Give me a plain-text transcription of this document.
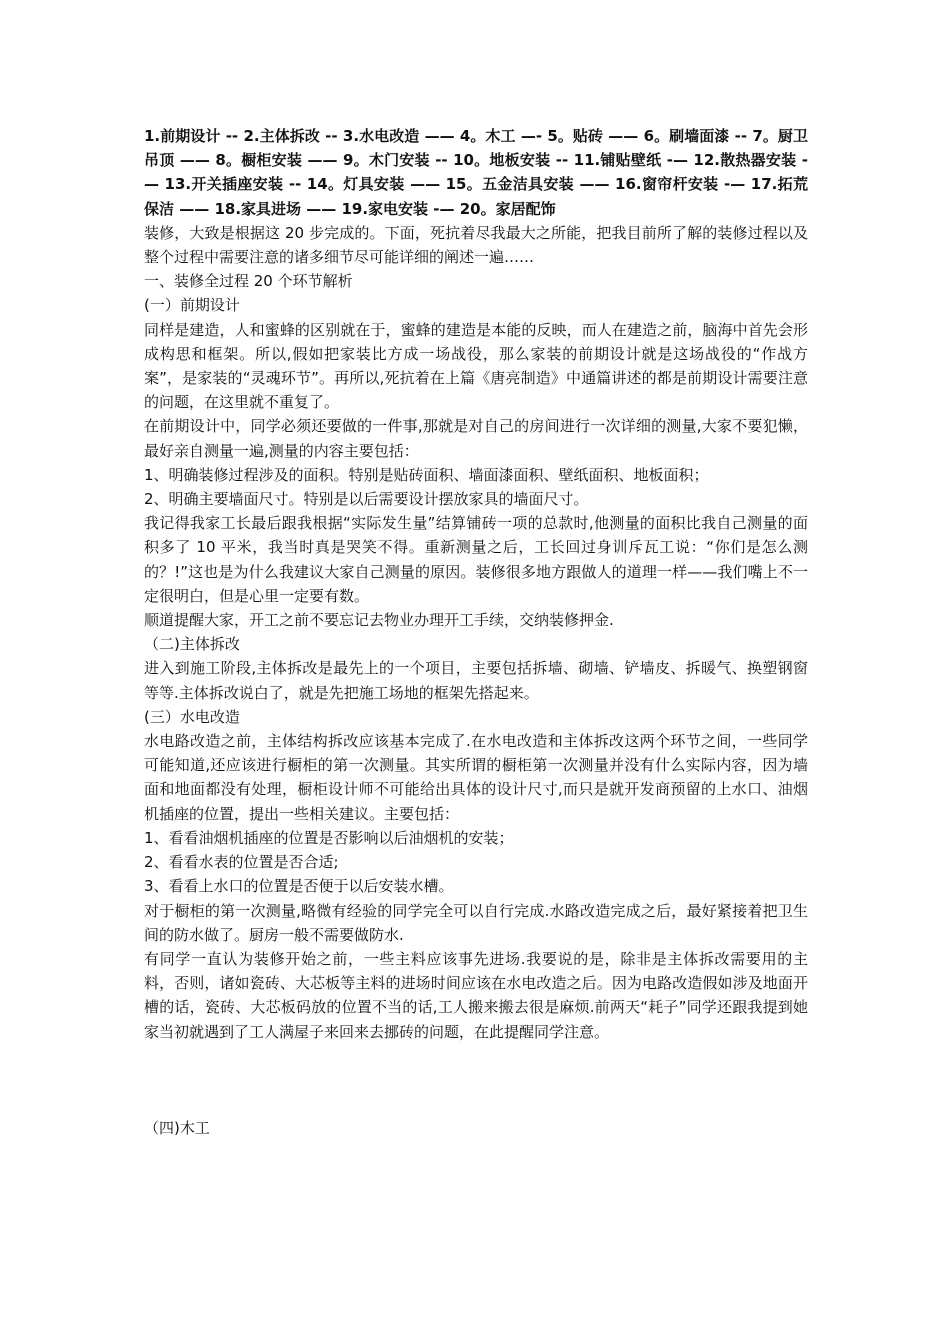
1.前期设计 -- 2.主体拆改 -- 3.水电改造 —— 4。木工 —- 5。贴砖 —— 6。刷墙面漆 -- 7。厨卫吊顶 —— 8。橱柜安装 —— 9。木门安装 -- 10。地板安装 -- 11.铺贴壁纸 -— 12.散热器安装 -— 13.开关插座安装 -- 14。灯具安装 —— 15。五金洁具安装 —— 16.窗帘杆安装 -— 17.拓荒保洁 —— 18.家具进场 —— 19.家电安装 -— 20。家居配饰

装修，大致是根据这 20 步完成的。下面，死抗着尽我最大之所能，把我目前所了解的装修过程以及整个过程中需要注意的诸多细节尽可能详细的阐述一遍……

一、装修全过程 20 个环节解析

(一）前期设计

同样是建造，人和蜜蜂的区别就在于，蜜蜂的建造是本能的反映，而人在建造之前，脑海中首先会形成构思和框架。所以,假如把家装比方成一场战役，那么家装的前期设计就是这场战役的“作战方案”，是家装的“灵魂环节”。再所以,死抗着在上篇《唐亮制造》中通篇讲述的都是前期设计需要注意的问题，在这里就不重复了。

在前期设计中，同学必须还要做的一件事,那就是对自己的房间进行一次详细的测量,大家不要犯懒，最好亲自测量一遍,测量的内容主要包括：

1、明确装修过程涉及的面积。特别是贴砖面积、墙面漆面积、壁纸面积、地板面积；

2、明确主要墙面尺寸。特别是以后需要设计摆放家具的墙面尺寸。

我记得我家工长最后跟我根据“实际发生量”结算铺砖一项的总款时,他测量的面积比我自己测量的面积多了 10 平米，我当时真是哭笑不得。重新测量之后，工长回过身训斥瓦工说：“你们是怎么测的？!”这也是为什么我建议大家自己测量的原因。装修很多地方跟做人的道理一样——我们嘴上不一定很明白，但是心里一定要有数。

顺道提醒大家，开工之前不要忘记去物业办理开工手续，交纳装修押金.

（二)主体拆改

进入到施工阶段,主体拆改是最先上的一个项目，主要包括拆墙、砌墙、铲墙皮、拆暖气、换塑钢窗等等.主体拆改说白了，就是先把施工场地的框架先搭起来。

(三）水电改造

水电路改造之前，主体结构拆改应该基本完成了.在水电改造和主体拆改这两个环节之间，一些同学可能知道,还应该进行橱柜的第一次测量。其实所谓的橱柜第一次测量并没有什么实际内容，因为墙面和地面都没有处理，橱柜设计师不可能给出具体的设计尺寸,而只是就开发商预留的上水口、油烟机插座的位置，提出一些相关建议。主要包括：

1、看看油烟机插座的位置是否影响以后油烟机的安装；

2、看看水表的位置是否合适;

3、看看上水口的位置是否便于以后安装水槽。

对于橱柜的第一次测量,略微有经验的同学完全可以自行完成.水路改造完成之后，最好紧接着把卫生间的防水做了。厨房一般不需要做防水.

有同学一直认为装修开始之前，一些主料应该事先进场.我要说的是，除非是主体拆改需要用的主料，否则，诸如瓷砖、大芯板等主料的进场时间应该在水电改造之后。因为电路改造假如涉及地面开槽的话，瓷砖、大芯板码放的位置不当的话,工人搬来搬去很是麻烦.前两天“耗子”同学还跟我提到她家当初就遇到了工人满屋子来回来去挪砖的问题，在此提醒同学注意。

（四)木工
